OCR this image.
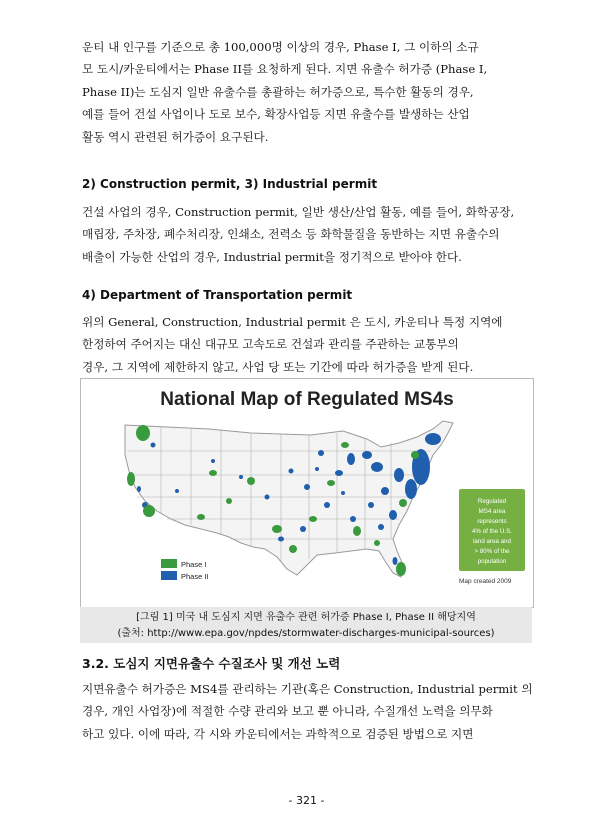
운티 내 인구를 기준으로 총 100,000명 이상의 경우, Phase I, 그 이하의 소규
모 도시/카운티에서는 Phase II를 요청하게 된다. 지면 유출수 허가증 (Phase I,
Phase II)는 도심지 일반 유출수를 총괄하는 허가증으로, 특수한 활동의 경우,
예를 들어 건설 사업이나 도로 보수, 확장사업등 지면 유출수를 발생하는 산업
활동 역시 관련된 허가증이 요구된다.

2) Construction permit, 3) Industrial permit

건설 사업의 경우, Construction permit, 일반 생산/산업 활동, 예를 들어, 화학공장,
매립장, 주차장, 폐수처리장, 인쇄소, 전력소 등 화학물질을 동반하는 지면 유출수의
배출이 가능한 산업의 경우, Industrial permit을 정기적으로 받아야 한다.

4) Department of Transportation permit

위의 General, Construction, Industrial permit 은 도시, 카운티나 특정 지역에
한정하여 주어지는 대신 대규모 고속도로 건설과 관리를 주관하는 교통부의
경우, 그 지역에 제한하지 않고, 사업 당 또는 기간에 따라 허가증을 받게 된다.
National Map of Regulated MS4s
Regulated
MS4 area
represents
4% of the U.S.
land area and
> 80% of the
population
Phase I
Phase II
Map created 2009
[그림 1] 미국 내 도심지 지면 유출수 관련 허가증 Phase I, Phase II 해당지역
(출처: http://www.epa.gov/npdes/stormwater-discharges-municipal-sources)

3.2. 도심지 지면유출수 수질조사 및 개선 노력

지면유출수 허가증은 MS4를 관리하는 기관(혹은 Construction, Industrial permit 의
경우, 개인 사업장)에 적절한 수량 관리와 보고 뿐 아니라, 수질개선 노력을 의무화
하고 있다. 이에 따라, 각 시와 카운티에서는 과학적으로 검증된 방법으로 지면
- 321 -
